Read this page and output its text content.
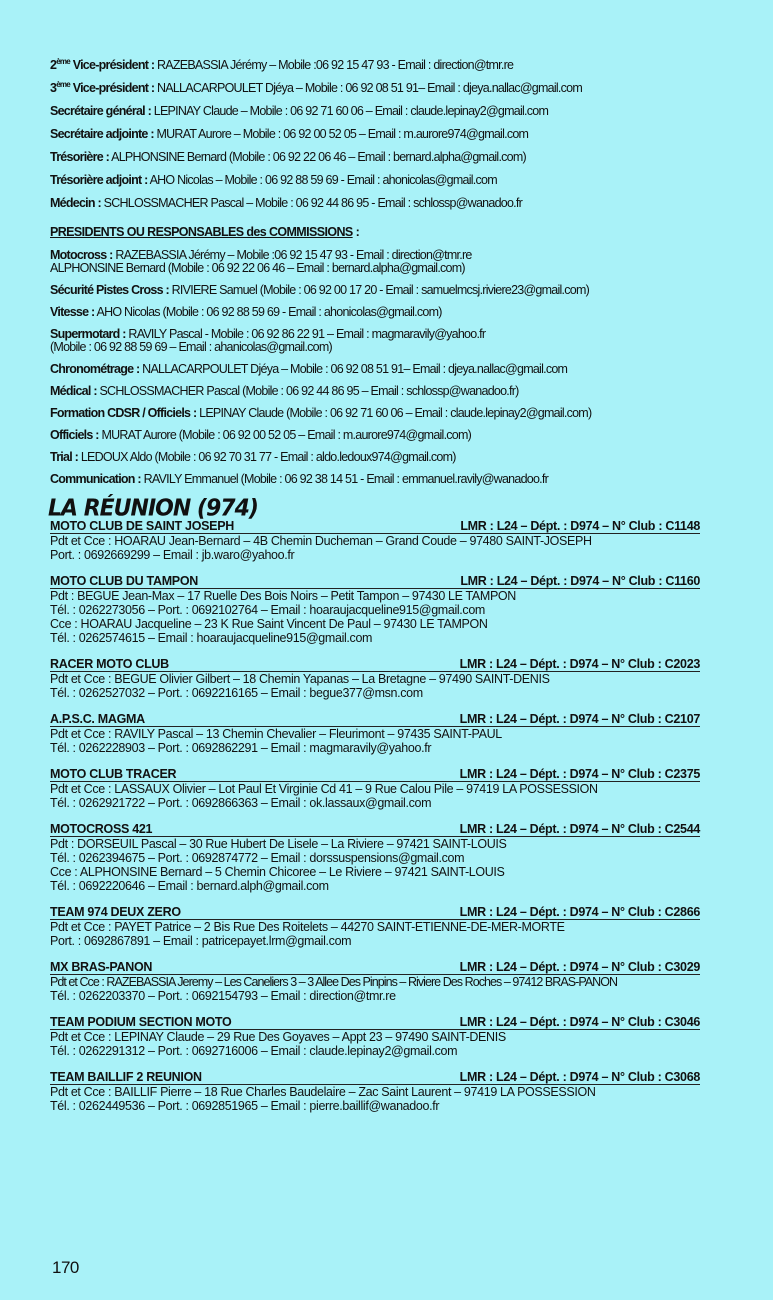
2ème Vice-président : RAZEBASSIA Jérémy – Mobile :06 92 15 47 93 - Email : direction@tmr.re
3ème Vice-président : NALLACARPOULET Djéya – Mobile : 06 92 08 51 91– Email : djeya.nallac@gmail.com
Secrétaire général : LEPINAY Claude – Mobile : 06 92 71 60 06 – Email : claude.lepinay2@gmail.com
Secrétaire adjointe : MURAT Aurore – Mobile : 06 92 00 52 05 – Email : m.aurore974@gmail.com
Trésorière : ALPHONSINE Bernard (Mobile : 06 92 22 06 46 – Email : bernard.alpha@gmail.com)
Trésorière adjoint : AHO Nicolas – Mobile : 06 92 88 59 69 - Email : ahonicolas@gmail.com
Médecin : SCHLOSSMACHER Pascal – Mobile : 06 92 44 86 95 - Email : schlossp@wanadoo.fr
PRESIDENTS OU RESPONSABLES des COMMISSIONS :
Motocross : RAZEBASSIA Jérémy – Mobile :06 92 15 47 93 - Email : direction@tmr.re
ALPHONSINE Bernard (Mobile : 06 92 22 06 46 – Email : bernard.alpha@gmail.com)
Sécurité Pistes Cross : RIVIERE Samuel (Mobile : 06 92 00 17 20 - Email : samuelmcsj.riviere23@gmail.com)
Vitesse : AHO Nicolas (Mobile : 06 92 88 59 69 - Email : ahonicolas@gmail.com)
Supermotard : RAVILY Pascal - Mobile : 06 92 86 22 91 – Email : magmaravily@yahoo.fr
(Mobile : 06 92 88 59 69 – Email : ahanicolas@gmail.com)
Chronométrage : NALLACARPOULET Djéya – Mobile : 06 92 08 51 91– Email : djeya.nallac@gmail.com
Médical : SCHLOSSMACHER Pascal (Mobile : 06 92 44 86 95 – Email : schlossp@wanadoo.fr)
Formation CDSR / Officiels : LEPINAY Claude (Mobile : 06 92 71 60 06 – Email : claude.lepinay2@gmail.com)
Officiels : MURAT Aurore (Mobile : 06 92 00 52 05 – Email : m.aurore974@gmail.com)
Trial : LEDOUX Aldo (Mobile : 06 92 70 31 77 - Email : aldo.ledoux974@gmail.com)
Communication : RAVILY Emmanuel (Mobile : 06 92 38 14 51 - Email : emmanuel.ravily@wanadoo.fr
LA RÉUNION (974)
MOTO CLUB DE SAINT JOSEPH	LMR : L24 – Dépt. : D974 – N° Club : C1148
Pdt et Cce : HOARAU Jean-Bernard – 4B Chemin Ducheman – Grand Coude – 97480 SAINT-JOSEPH
Port. : 0692669299 – Email : jb.waro@yahoo.fr
MOTO CLUB DU TAMPON	LMR : L24 – Dépt. : D974 – N° Club : C1160
Pdt : BEGUE Jean-Max – 17 Ruelle Des Bois Noirs – Petit Tampon – 97430 LE TAMPON
Tél. : 0262273056 – Port. : 0692102764 – Email : hoaraujacqueline915@gmail.com
Cce : HOARAU Jacqueline – 23 K Rue Saint Vincent De Paul – 97430 LE TAMPON
Tél. : 0262574615 – Email : hoaraujacqueline915@gmail.com
RACER MOTO CLUB	LMR : L24 – Dépt. : D974 – N° Club : C2023
Pdt et Cce : BEGUE Olivier Gilbert – 18 Chemin Yapanas – La Bretagne – 97490 SAINT-DENIS
Tél. : 0262527032 – Port. : 0692216165 – Email : begue377@msn.com
A.P.S.C. MAGMA	LMR : L24 – Dépt. : D974 – N° Club : C2107
Pdt et Cce : RAVILY Pascal – 13 Chemin Chevalier – Fleurimont – 97435 SAINT-PAUL
Tél. : 0262228903 – Port. : 0692862291 – Email : magmaravily@yahoo.fr
MOTO CLUB TRACER	LMR : L24 – Dépt. : D974 – N° Club : C2375
Pdt et Cce : LASSAUX Olivier – Lot Paul Et Virginie Cd 41 – 9 Rue Calou Pile – 97419 LA POSSESSION
Tél. : 0262921722 – Port. : 0692866363 – Email : ok.lassaux@gmail.com
MOTOCROSS 421	LMR : L24 – Dépt. : D974 – N° Club : C2544
Pdt : DORSEUIL Pascal – 30 Rue Hubert De Lisele – La Riviere – 97421 SAINT-LOUIS
Tél. : 0262394675 – Port. : 0692874772 – Email : dorssuspensions@gmail.com
Cce : ALPHONSINE Bernard – 5 Chemin Chicoree – Le Riviere – 97421 SAINT-LOUIS
Tél. : 0692220646 – Email : bernard.alph@gmail.com
TEAM 974 DEUX ZERO	LMR : L24 – Dépt. : D974 – N° Club : C2866
Pdt et Cce : PAYET Patrice – 2 Bis Rue Des Roitelets – 44270 SAINT-ETIENNE-DE-MER-MORTE
Port. : 0692867891 – Email : patricepayet.lrm@gmail.com
MX BRAS-PANON	LMR : L24 – Dépt. : D974 – N° Club : C3029
Pdt et Cce : RAZEBASSIA Jeremy – Les Caneliers 3 – 3 Allee Des Pinpins – Riviere Des Roches – 97412 BRAS-PANON
Tél. : 0262203370 – Port. : 0692154793 – Email : direction@tmr.re
TEAM PODIUM SECTION MOTO	LMR : L24 – Dépt. : D974 – N° Club : C3046
Pdt et Cce : LEPINAY Claude – 29 Rue Des Goyaves – Appt 23 – 97490 SAINT-DENIS
Tél. : 0262291312 – Port. : 0692716006 – Email : claude.lepinay2@gmail.com
TEAM BAILLIF 2 REUNION	LMR : L24 – Dépt. : D974 – N° Club : C3068
Pdt et Cce : BAILLIF Pierre – 18 Rue Charles Baudelaire – Zac Saint Laurent – 97419 LA POSSESSION
Tél. : 0262449536 – Port. : 0692851965 – Email : pierre.baillif@wanadoo.fr
170
